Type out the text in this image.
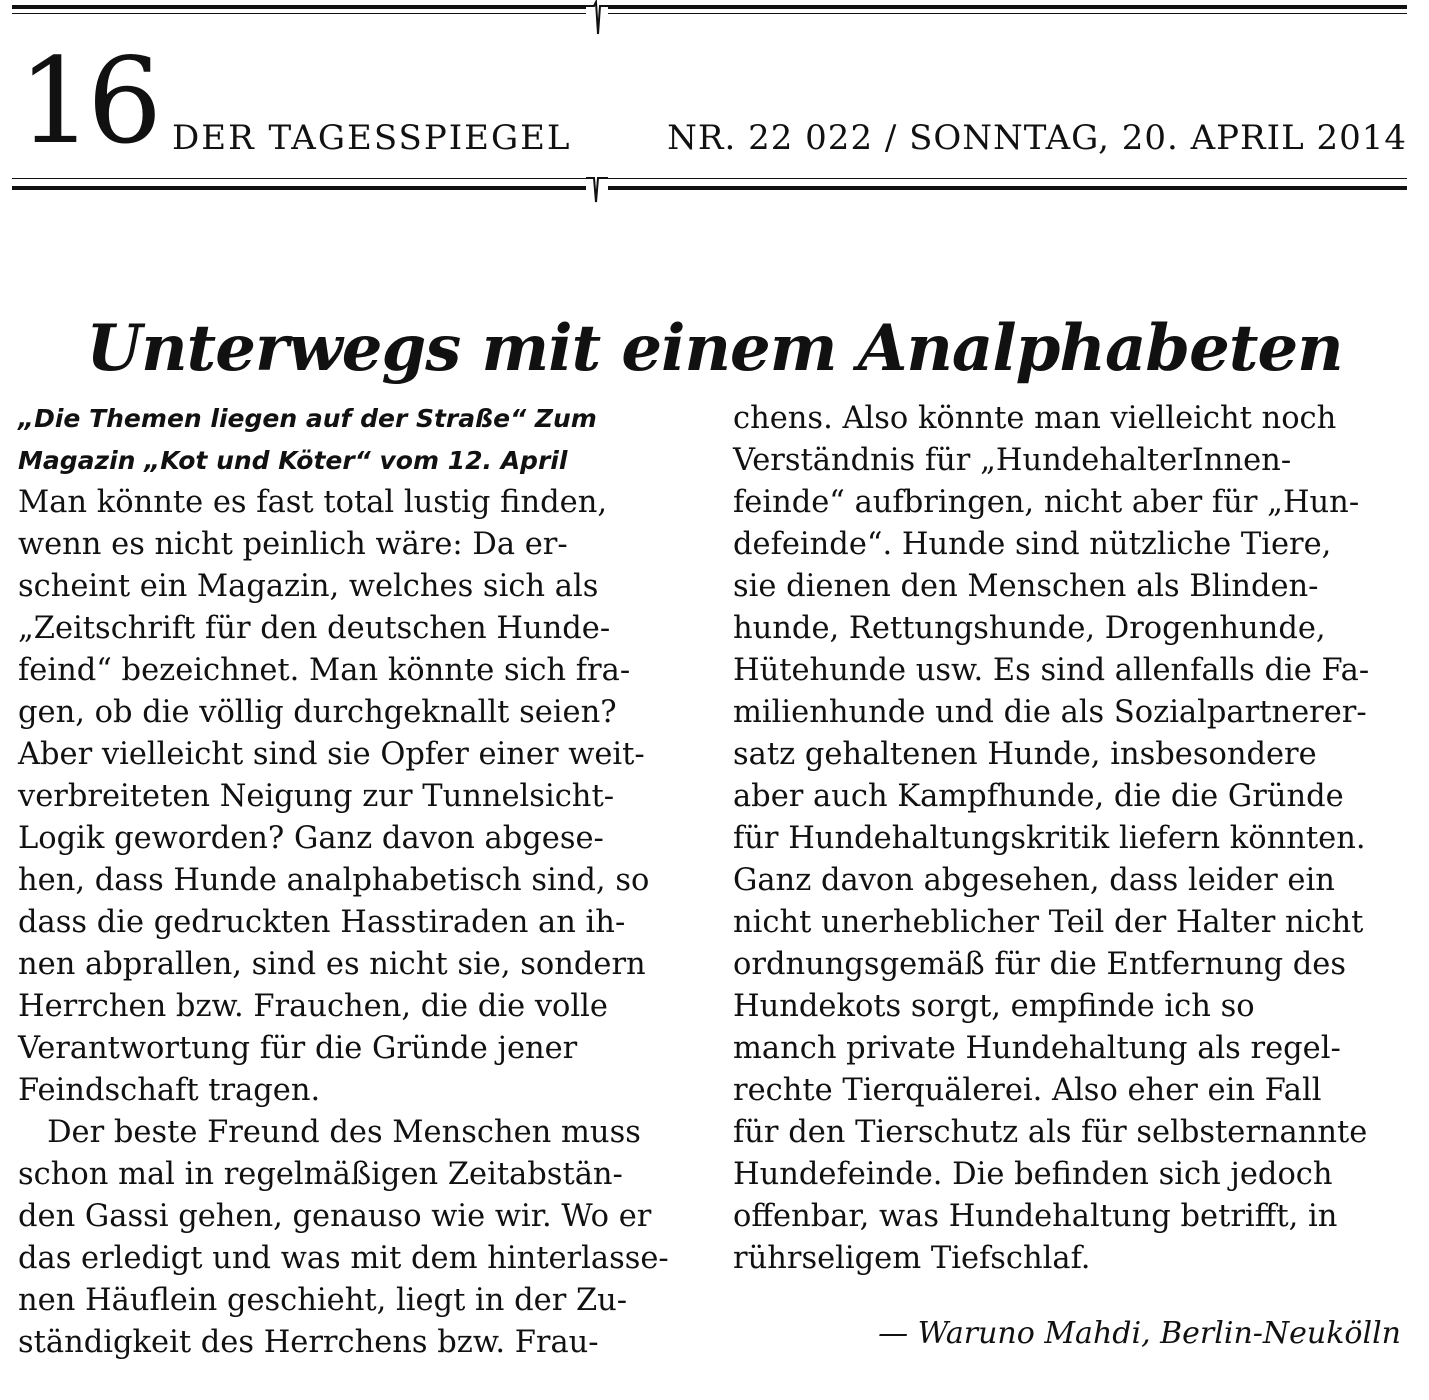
16 DER TAGESSPIEGEL	NR. 22 022 / SONNTAG, 20. APRIL 2014
Unterwegs mit einem Analphabeten
„Die Themen liegen auf der Straße“ Zum
Magazin „Kot und Köter“ vom 12. April
Man könnte es fast total lustig finden,
wenn es nicht peinlich wäre: Da er-
scheint ein Magazin, welches sich als
„Zeitschrift für den deutschen Hunde-
feind“ bezeichnet. Man könnte sich fra-
gen, ob die völlig durchgeknallt seien?
Aber vielleicht sind sie Opfer einer weit-
verbreiteten Neigung zur Tunnelsicht-
Logik geworden? Ganz davon abgese-
hen, dass Hunde analphabetisch sind, so
dass die gedruckten Hasstiraden an ih-
nen abprallen, sind es nicht sie, sondern
Herrchen bzw. Frauchen, die die volle
Verantwortung für die Gründe jener
Feindschaft tragen.
Der beste Freund des Menschen muss
schon mal in regelmäßigen Zeitabstän-
den Gassi gehen, genauso wie wir. Wo er
das erledigt und was mit dem hinterlasse-
nen Häuflein geschieht, liegt in der Zu-
ständigkeit des Herrchens bzw. Frau-
chens. Also könnte man vielleicht noch
Verständnis für „HundehalterInnen-
feinde“ aufbringen, nicht aber für „Hun-
defeinde“. Hunde sind nützliche Tiere,
sie dienen den Menschen als Blinden-
hunde, Rettungshunde, Drogenhunde,
Hütehunde usw. Es sind allenfalls die Fa-
milienhunde und die als Sozialpartnerer-
satz gehaltenen Hunde, insbesondere
aber auch Kampfhunde, die die Gründe
für Hundehaltungskritik liefern könnten.
Ganz davon abgesehen, dass leider ein
nicht unerheblicher Teil der Halter nicht
ordnungsgemäß für die Entfernung des
Hundekots sorgt, empfinde ich so
manch private Hundehaltung als regel-
rechte Tierquälerei. Also eher ein Fall
für den Tierschutz als für selbsternannte
Hundefeinde. Die befinden sich jedoch
offenbar, was Hundehaltung betrifft, in
rührseligem Tiefschlaf.
— Waruno Mahdi, Berlin-Neukölln
